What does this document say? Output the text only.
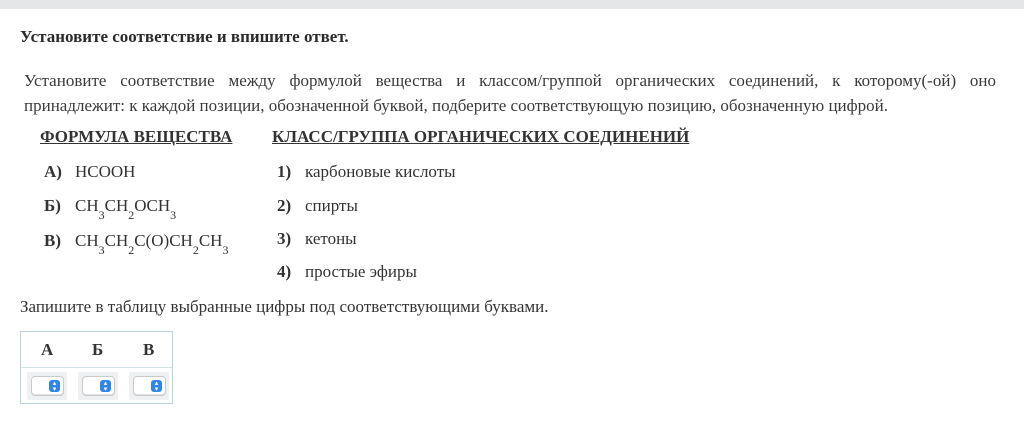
Установите соответствие и впишите ответ.
Установите соответствие между формулой вещества и классом/группой органических соединений, к которому(-ой) оно принадлежит: к каждой позиции, обозначенной буквой, подберите соответствующую позицию, обозначенную цифрой.
ФОРМУЛА ВЕЩЕСТВА КЛАСС/ГРУППА ОРГАНИЧЕСКИХ СОЕДИНЕНИЙ
А) HCOOH
Б) $CH_3CH_2OCH_3$
В) $CH_3CH_2C(O)CH_2CH_3$
1) карбоновые кислоты
2) спирты
3) кетоны
4) простые эфиры
Запишите в таблицу выбранные цифры под соответствующими буквами.
А Б В
▴
▾
▴
▾
▴
▾
